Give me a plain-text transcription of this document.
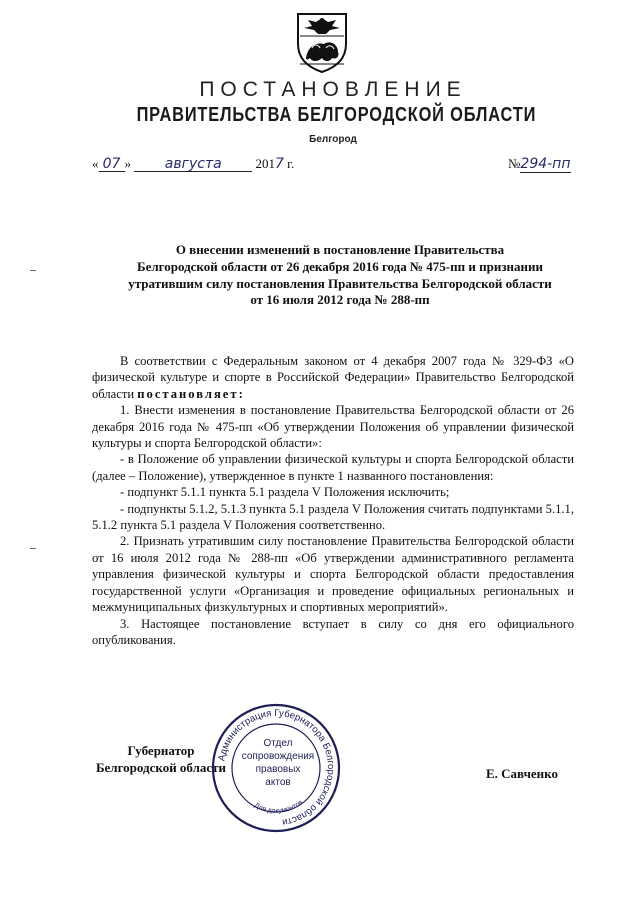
ПОСТАНОВЛЕНИЕ
ПРАВИТЕЛЬСТВА БЕЛГОРОДСКОЙ ОБЛАСТИ
Белгород
« 07 » августа	2017 г.	№294-пп
О внесении изменений в постановление Правительства
Белгородской области от 26 декабря 2016 года № 475-пп и признании
утратившим силу постановления Правительства Белгородской области
от 16 июля 2012 года № 288-пп

В соответствии с Федеральным законом от 4 декабря 2007 года № 329-ФЗ «О физической культуре и спорте в Российской Федерации» Правительство Белгородской области постановляет:

1. Внести изменения в постановление Правительства Белгородской области от 26 декабря 2016 года № 475-пп «Об утверждении Положения об управлении физической культуры и спорта Белгородской области»:

- в Положение об управлении физической культуры и спорта Белгородской области (далее – Положение), утвержденное в пункте 1 названного постановления:

- подпункт 5.1.1 пункта 5.1 раздела V Положения исключить;

- подпункты 5.1.2, 5.1.3 пункта 5.1 раздела V Положения считать подпунктами 5.1.1, 5.1.2 пункта 5.1 раздела V Положения соответственно.

2. Признать утратившим силу постановление Правительства Белгородской области от 16 июля 2012 года № 288-пп «Об утверждении административного регламента управления физической культуры и спорта Белгородской области предоставления государственной услуги «Организация и проведение официальных региональных и межмуниципальных физкультурных и спортивных мероприятий».

3. Настоящее постановление вступает в силу со дня его официального опубликования.

Губернатор
Белгородской области
Администрация Губернатора Белгородской области
Для документов
Отдел
сопровождения
правовых
актов
Е. Савченко
